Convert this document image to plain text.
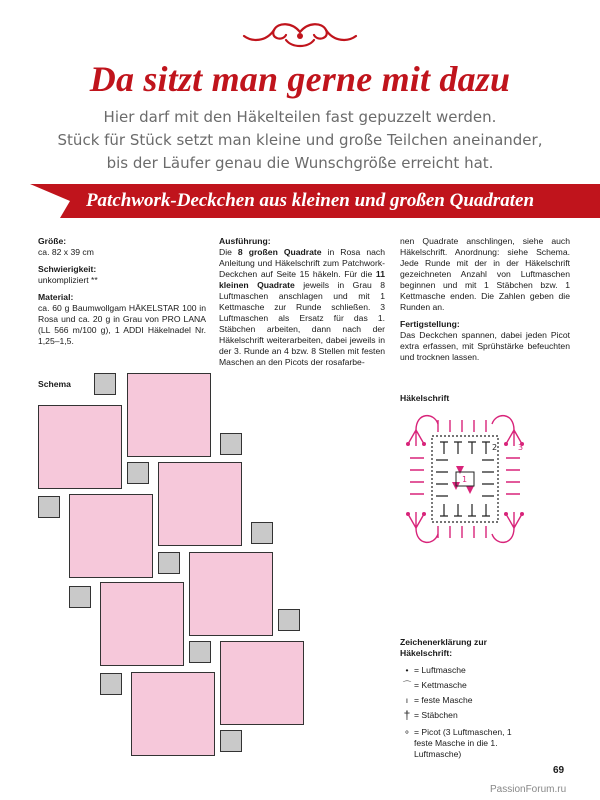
Da sitzt man gerne mit dazu
Hier darf mit den Häkelteilen fast gepuzzelt werden.
Stück für Stück setzt man kleine und große Teilchen aneinander,
bis der Läufer genau die Wunschgröße erreicht hat.
Patchwork-Deckchen aus kleinen und großen Quadraten

Größe:
ca. 82 x 39 cm

Schwierigkeit:
unkompliziert **

Material:
ca. 60 g Baumwollgam HÄKELSTAR 100 in Rosa und ca. 20 g in Grau von PRO LANA (LL 566 m/100 g), 1 ADDI Häkelnadel Nr. 1,25–1,5.

Ausführung:
Die 8 großen Quadrate in Rosa nach Anleitung und Häkelschrift zum Patchwork-Deckchen auf Seite 15 häkeln. Für die 11 kleinen Quadrate jeweils in Grau 8 Luftmaschen anschlagen und mit 1 Kettmasche zur Runde schließen. 3 Luftmaschen als Ersatz für das 1. Stäbchen arbeiten, dann nach der Häkelschrift weiterarbeiten, dabei jeweils in der 3. Runde an 4 bzw. 8 Stellen mit festen Maschen an den Picots der rosafarbe-

nen Quadrate anschlingen, siehe auch Häkelschrift. Anordnung: siehe Schema. Jede Runde mit der in der Häkelschrift gezeichneten Anzahl von Luftmaschen beginnen und mit 1 Stäbchen bzw. 1 Kettmasche enden. Die Zahlen geben die Runden an.

Fertigstellung:
Das Deckchen spannen, dabei jeden Picot extra erfassen, mit Sprühstärke befeuchten und trocknen lassen.

Schema
Häkelschrift
1
2	3
Zeichenerklärung zur Häkelschrift:
• = Luftmasche
⌒ = Kettmasche
ı = feste Masche
† = Stäbchen
⚬ = Picot (3 Luftmaschen, 1 feste Masche in die 1. Luftmasche)
69
PassionForum.ru
